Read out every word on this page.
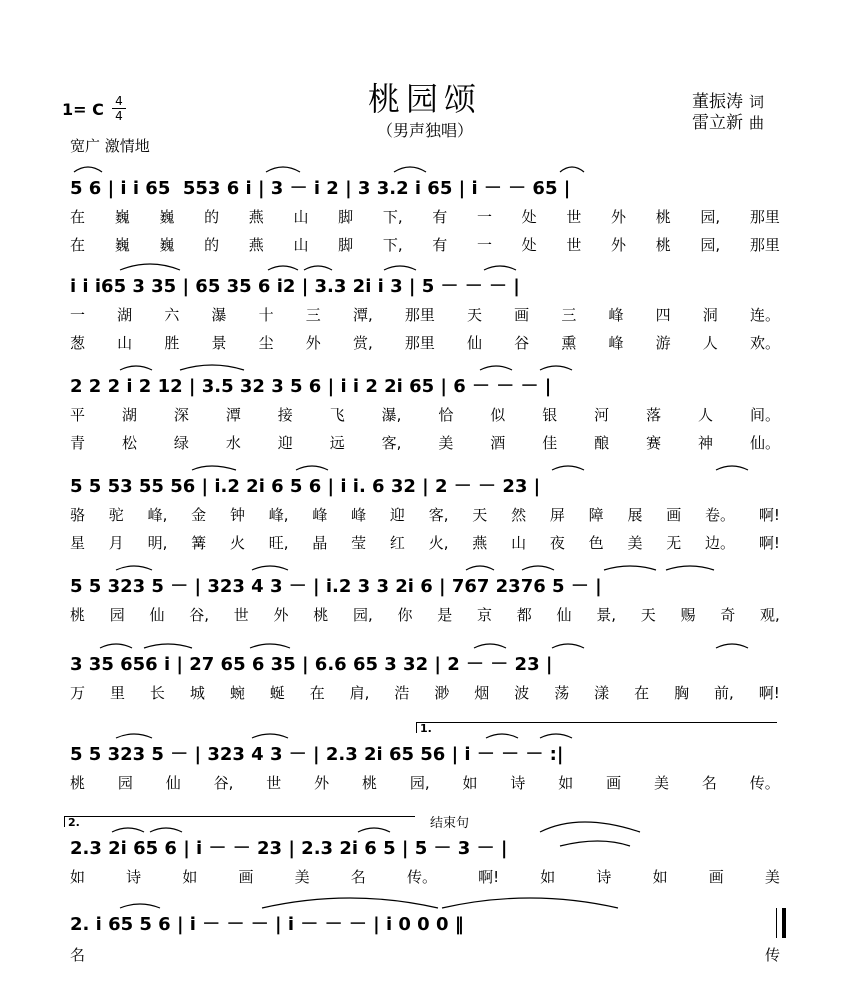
桃园颂
（男声独唱）
1= C 4
4
宽广 激情地
董振涛 词
雷立新 曲
5 6 | i i 65  553 6 i | 3 － i 2 | 3 3.2 i 65 | i － － 65 |
在 巍 巍 的 燕 山 脚 下, 有 一 处 世 外 桃 园, 那里
在 巍 巍 的 燕 山 脚 下, 有 一 处 世 外 桃 园, 那里
i i i65 3 35 | 65 35 6 i2 | 3.3 2i i 3 | 5 － － － |
一 湖 六 瀑 十 三 潭, 那里 天 画 三 峰 四 洞 连。
葱 山 胜 景 尘 外 赏, 那里 仙 谷 熏 峰 游 人 欢。
2 2 2 i 2 12 | 3.5 32 3 5 6 | i i 2 2i 65 | 6 － － － |
平 湖 深 潭 接 飞 瀑, 恰 似 银 河 落 人 间。
青 松 绿 水 迎 远 客, 美 酒 佳 酿 赛 神 仙。
5 5 53 55 56 | i.2 2i 6 5 6 | i i. 6 32 | 2 － － 23 |
骆 驼 峰, 金 钟 峰, 峰 峰 迎 客, 天 然 屏 障 展 画 卷。 啊!
星 月 明, 篝 火 旺, 晶 莹 红 火, 燕 山 夜 色 美 无 边。 啊!
5 5 323 5 － | 323 4 3 － | i.2 3 3 2i 6 | 767 2376 5 － |
桃 园 仙 谷, 世 外 桃 园, 你 是 京 都 仙 景, 天 赐 奇 观,
3 35 656 i | 27 65 6 35 | 6.6 65 3 32 | 2 － － 23 |
万 里 长 城 蜿 蜒 在 肩, 浩 渺 烟 波 荡 漾 在 胸 前, 啊!
5 5 323 5 － | 323 4 3 － | 2.3 2i 65 56 | i － － － :|
桃 园 仙 谷, 世 外 桃 园, 如 诗 如 画 美 名 传。
2.3 2i 65 6 | i － － 23 | 2.3 2i 6 5 | 5 － 3 － |
如	诗	如	画	美	名	传。	啊!	如	诗	如	画	美
2. i 65 5 6 | i － － － | i － － － | i 0 0 0 ‖
名	传
1.
2.	结束句
